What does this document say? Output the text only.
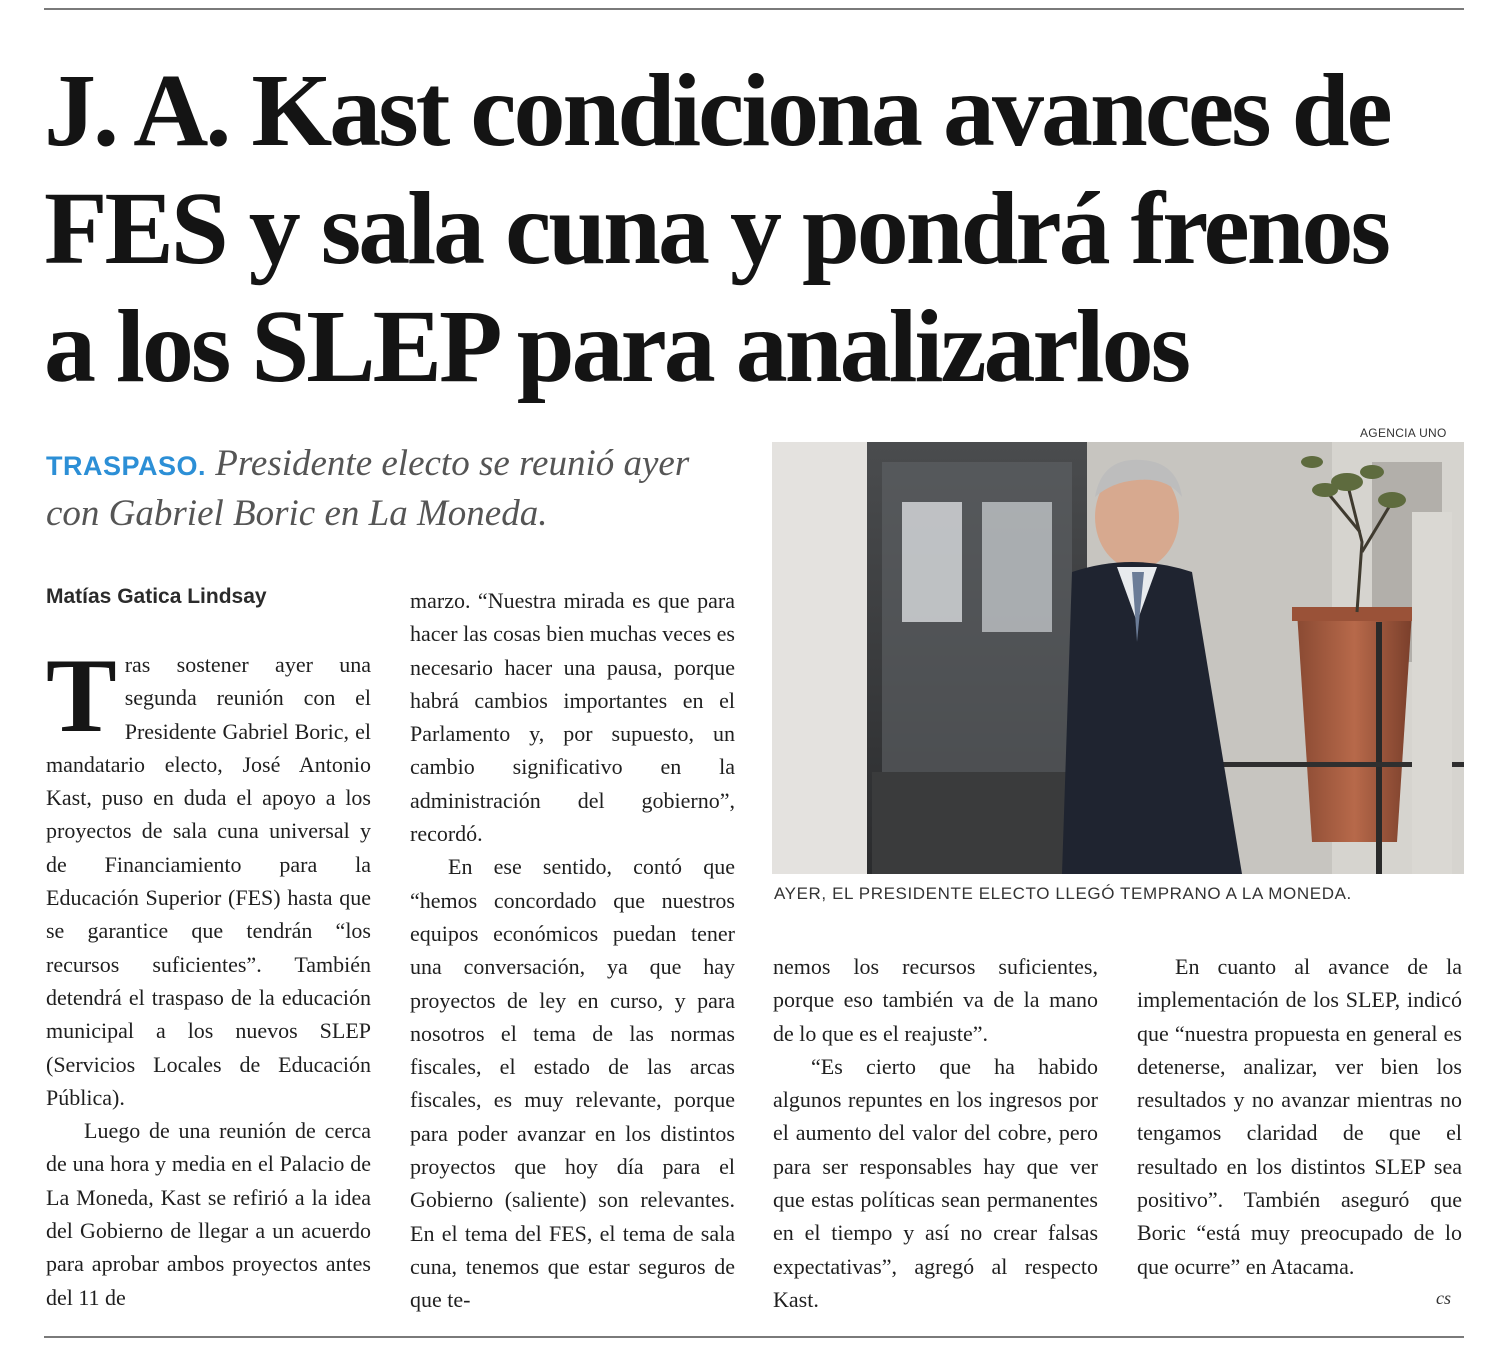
J. A. Kast condiciona avances de
FES y sala cuna y pondrá frenos
a los SLEP para analizarlos
TRASPASO. Presidente electo se reunió ayer con Gabriel Boric en La Moneda.
Matías Gatica Lindsay

Tras sostener ayer una segunda reunión con el Presidente Gabriel Boric, el mandatario electo, José Antonio Kast, puso en duda el apoyo a los proyectos de sala cuna universal y de Financiamiento para la Educación Superior (FES) hasta que se garantice que tendrán “los recursos suficientes”. También detendrá el traspaso de la educación municipal a los nuevos SLEP (Servicios Locales de Educación Pública).

Luego de una reunión de cerca de una hora y media en el Palacio de La Moneda, Kast se refirió a la idea del Gobierno de llegar a un acuerdo para aprobar ambos proyectos antes del 11 de

marzo. “Nuestra mirada es que para hacer las cosas bien muchas veces es necesario hacer una pausa, porque habrá cambios importantes en el Parlamento y, por supuesto, un cambio significativo en la administración del gobierno”, recordó.

En ese sentido, contó que “hemos concordado que nuestros equipos económicos puedan tener una conversación, ya que hay proyectos de ley en curso, y para nosotros el tema de las normas fiscales, el estado de las arcas fiscales, es muy relevante, porque para poder avanzar en los distintos proyectos que hoy día para el Gobierno (saliente) son relevantes. En el tema del FES, el tema de sala cuna, tenemos que estar seguros de que te-

AGENCIA UNO
AYER, EL PRESIDENTE ELECTO LLEGÓ TEMPRANO A LA MONEDA.

nemos los recursos suficientes, porque eso también va de la mano de lo que es el reajuste”.

“Es cierto que ha habido algunos repuntes en los ingresos por el aumento del valor del cobre, pero para ser responsables hay que ver que estas políticas sean permanentes en el tiempo y así no crear falsas expectativas”, agregó al respecto Kast.

En cuanto al avance de la implementación de los SLEP, indicó que “nuestra propuesta en general es detenerse, analizar, ver bien los resultados y no avanzar mientras no tengamos claridad de que el resultado en los distintos SLEP sea positivo”. También aseguró que Boric “está muy preocupado de lo que ocurre” en Atacama.

cs
